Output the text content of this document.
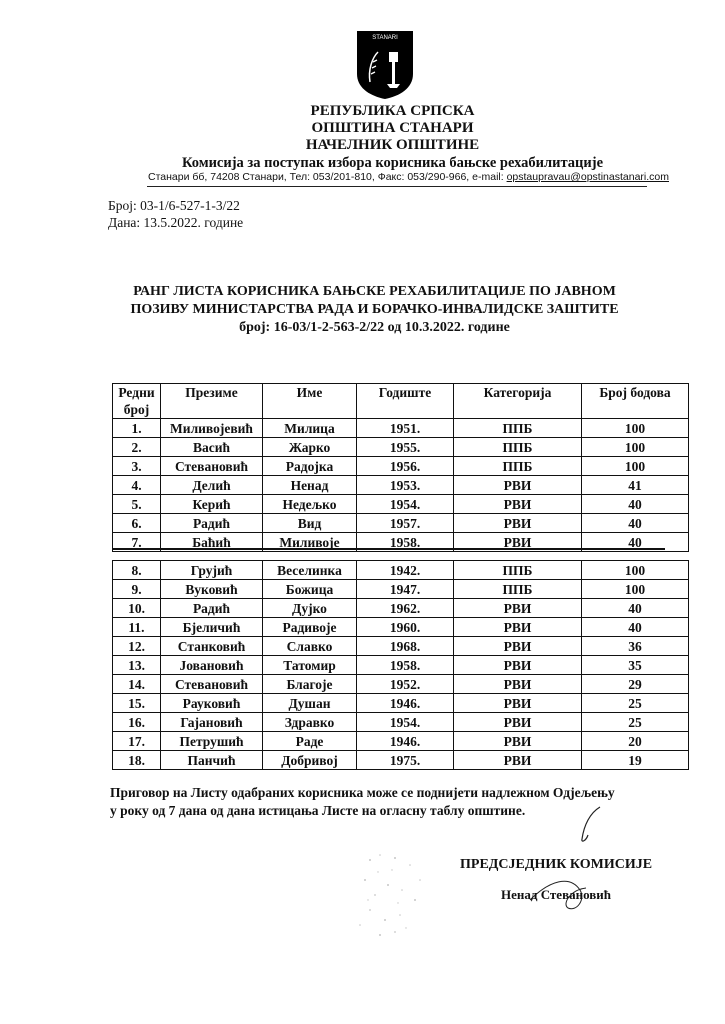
STANARI
РЕПУБЛИКА СРПСКА
ОПШТИНА СТАНАРИ
НАЧЕЛНИК ОПШТИНЕ
Комисија за поступак избора корисника бањске рехабилитације
Станари бб, 74208 Станари, Тел: 053/201-810, Факс: 053/290-966, e-mail: opstaupravau@opstinastanari.com
Број: 03-1/6-527-1-3/22
Дана: 13.5.2022. године
РАНГ ЛИСТА КОРИСНИКА БАЊСКЕ РЕХАБИЛИТАЦИЈЕ ПО ЈАВНОМ
ПОЗИВУ МИНИСТАРСТВА РАДА И БОРАЧКО-ИНВАЛИДСКЕ ЗАШТИТЕ
број: 16-03/1-2-563-2/22 од 10.3.2022. године
Редни број	Презиме	Име	Годиште	Категорија	Број бодова
1.	Миливојевић	Милица	1951.	ППБ	100
2.	Васић	Жарко	1955.	ППБ	100
3.	Стевановић	Радојка	1956.	ППБ	100
4.	Делић	Ненад	1953.	РВИ	41
5.	Керић	Недељко	1954.	РВИ	40
6.	Радић	Вид	1957.	РВИ	40
7.	Бaћић	Миливоје	1958.	РВИ	40
8.	Грујић	Веселинка	1942.	ППБ	100
9.	Вуковић	Божица	1947.	ППБ	100
10.	Радић	Дујко	1962.	РВИ	40
11.	Бјеличић	Радивоје	1960.	РВИ	40
12.	Станковић	Славко	1968.	РВИ	36
13.	Јовановић	Татомир	1958.	РВИ	35
14.	Стевановић	Благоје	1952.	РВИ	29
15.	Рауковић	Душан	1946.	РВИ	25
16.	Гајановић	Здравко	1954.	РВИ	25
17.	Петрушић	Раде	1946.	РВИ	20
18.	Панчић	Добривој	1975.	РВИ	19
Приговор на Листу одабраних корисника може се поднијети надлежном Одјељењу
у року од 7 дана од дана истицања Листе на огласну таблу општине.
ПРЕДСЈЕДНИК КОМИСИЈЕ
Ненад Стевановић
